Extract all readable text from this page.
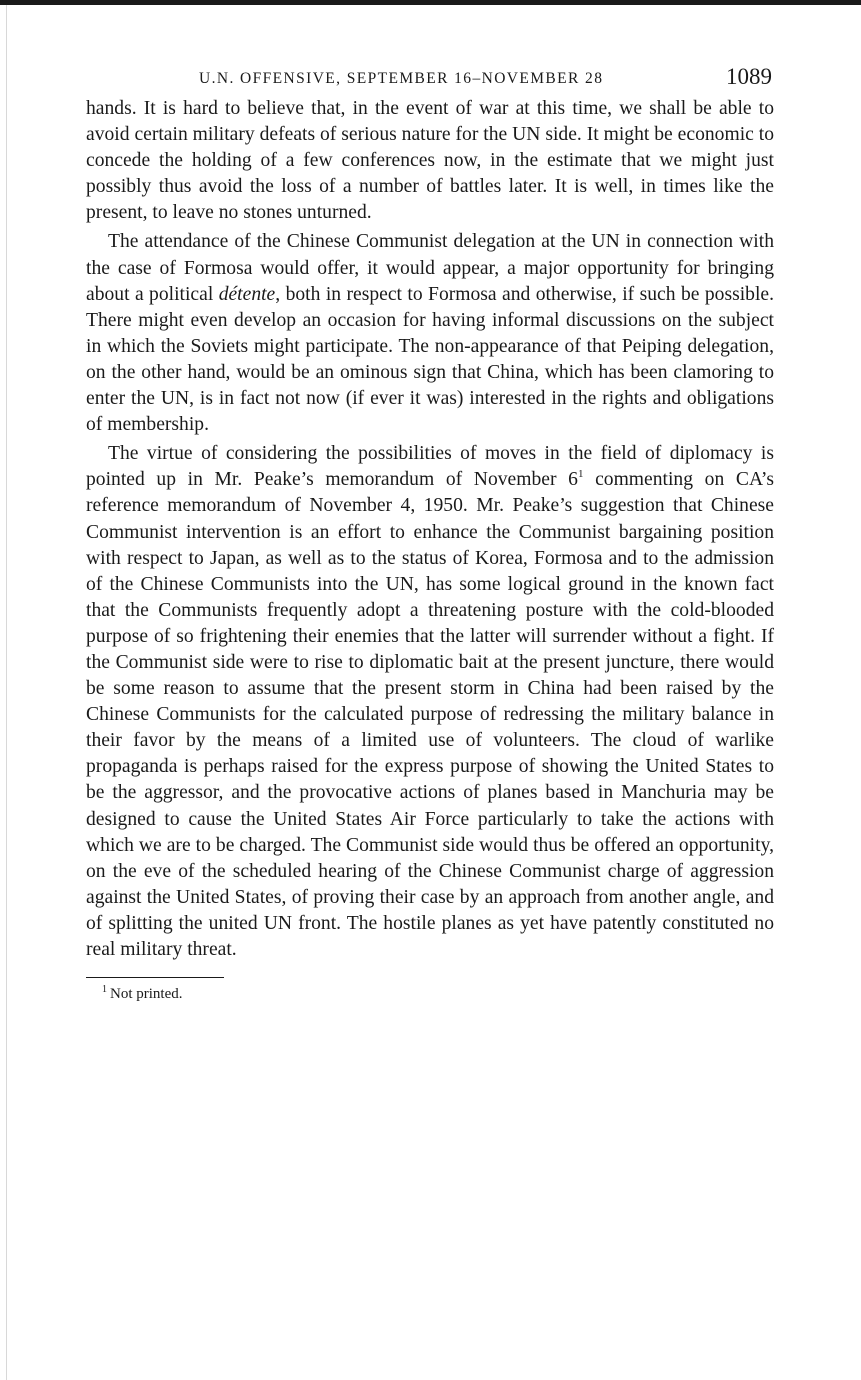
U.N. OFFENSIVE, SEPTEMBER 16–NOVEMBER 28	1089

hands. It is hard to believe that, in the event of war at this time, we shall be able to avoid certain military defeats of serious nature for the UN side. It might be economic to concede the holding of a few conferences now, in the estimate that we might just possibly thus avoid the loss of a number of battles later. It is well, in times like the present, to leave no stones unturned.

The attendance of the Chinese Communist delegation at the UN in connection with the case of Formosa would offer, it would appear, a major opportunity for bringing about a political détente, both in respect to Formosa and otherwise, if such be possible. There might even develop an occasion for having informal discussions on the subject in which the Soviets might participate. The non-appearance of that Peiping delegation, on the other hand, would be an ominous sign that China, which has been clamoring to enter the UN, is in fact not now (if ever it was) interested in the rights and obligations of membership.

The virtue of considering the possibilities of moves in the field of diplomacy is pointed up in Mr. Peake’s memorandum of November $6^1$ commenting on CA’s reference memorandum of November 4, 1950. Mr. Peake’s suggestion that Chinese Communist intervention is an effort to enhance the Communist bargaining position with respect to Japan, as well as to the status of Korea, Formosa and to the admission of the Chinese Communists into the UN, has some logical ground in the known fact that the Communists frequently adopt a threatening posture with the cold-blooded purpose of so frightening their enemies that the latter will surrender without a fight. If the Communist side were to rise to diplomatic bait at the present juncture, there would be some reason to assume that the present storm in China had been raised by the Chinese Communists for the calculated purpose of redressing the military balance in their favor by the means of a limited use of volunteers. The cloud of warlike propaganda is perhaps raised for the express purpose of showing the United States to be the aggressor, and the provocative actions of planes based in Manchuria may be designed to cause the United States Air Force particularly to take the actions with which we are to be charged. The Communist side would thus be offered an opportunity, on the eve of the scheduled hearing of the Chinese Communist charge of aggression against the United States, of proving their case by an approach from another angle, and of splitting the united UN front. The hostile planes as yet have patently constituted no real military threat.

$^1$ Not printed.
